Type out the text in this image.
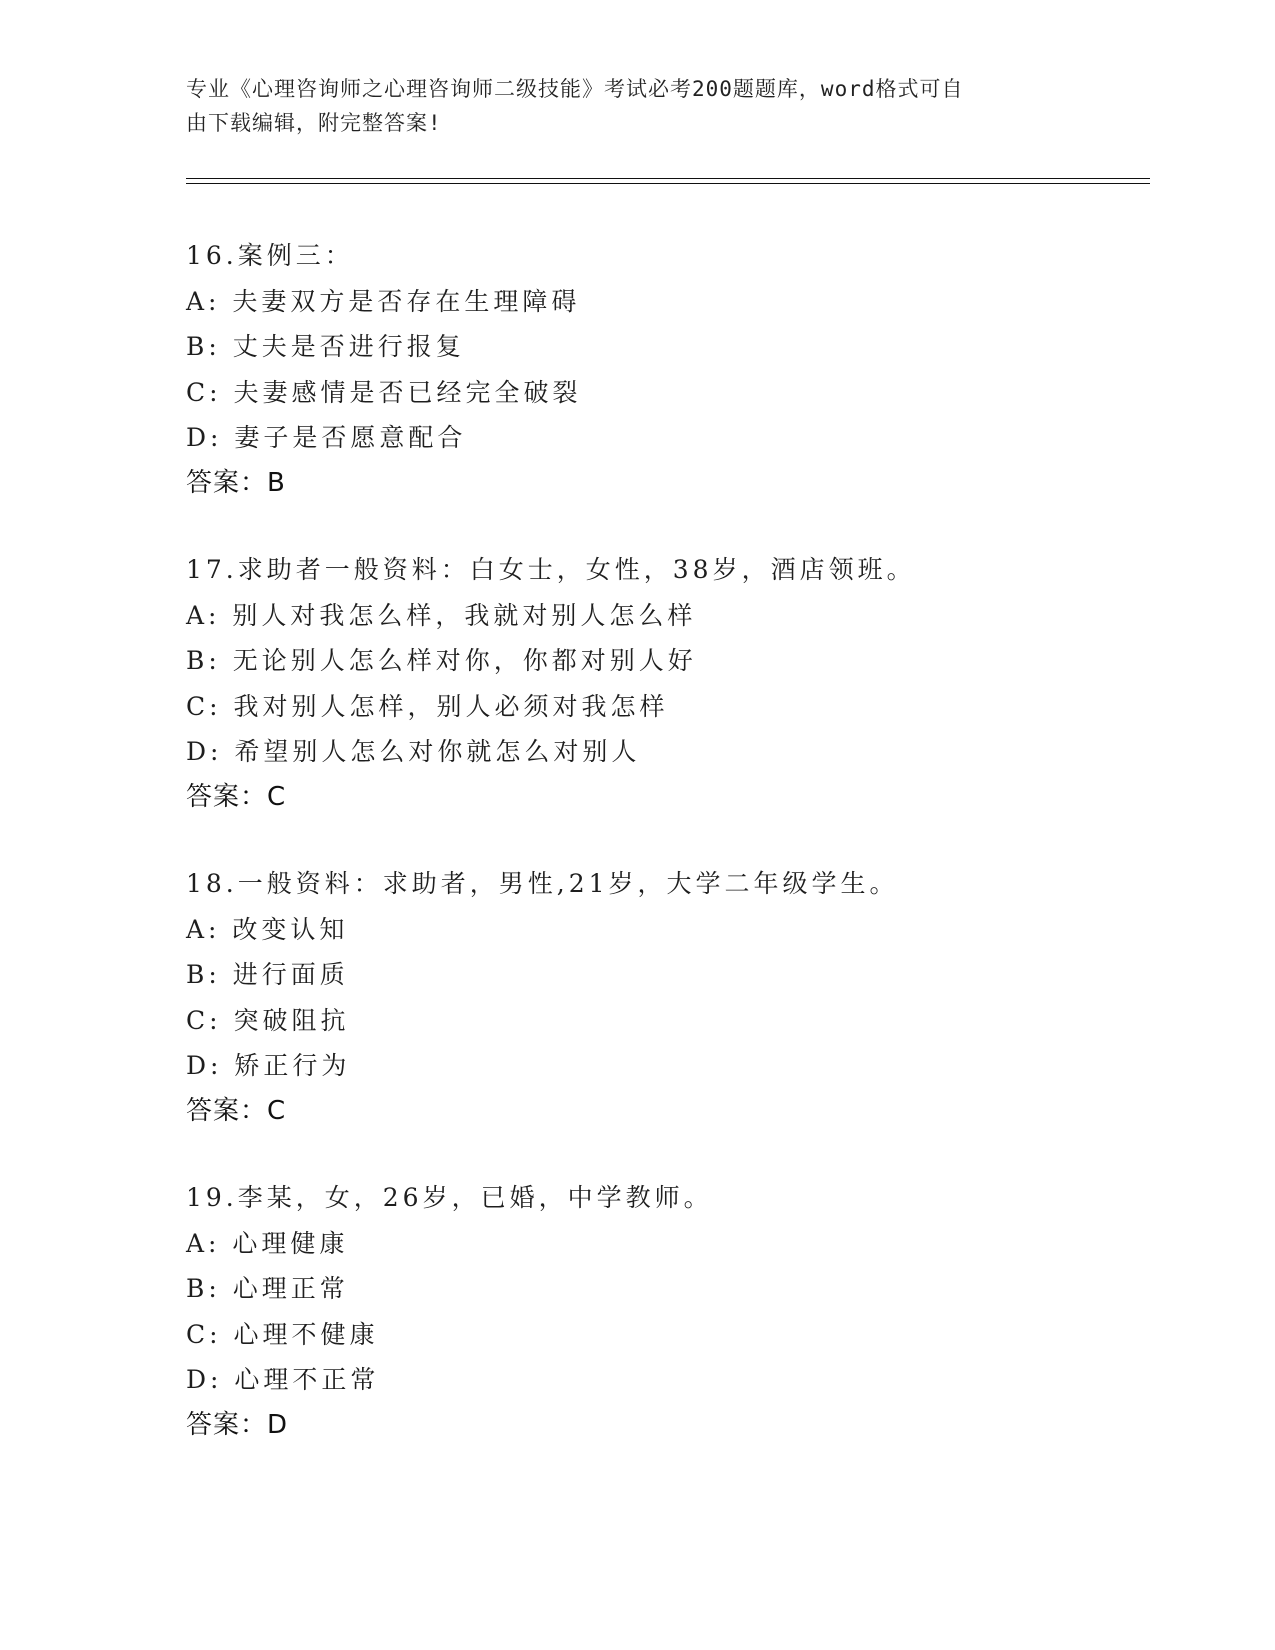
专业《心理咨询师之心理咨询师二级技能》考试必考200题题库，word格式可自
由下载编辑，附完整答案!
16.案例三：
A: 夫妻双方是否存在生理障碍
B: 丈夫是否进行报复
C: 夫妻感情是否已经完全破裂
D: 妻子是否愿意配合
答案：B
17.求助者一般资料：白女士，女性，38岁，酒店领班。
A: 别人对我怎么样，我就对别人怎么样
B: 无论别人怎么样对你，你都对别人好
C: 我对别人怎样，别人必须对我怎样
D: 希望别人怎么对你就怎么对别人
答案：C
18.一般资料：求助者，男性,21岁，大学二年级学生。
A: 改变认知
B: 进行面质
C: 突破阻抗
D: 矫正行为
答案：C
19.李某，女，26岁，已婚，中学教师。
A: 心理健康
B: 心理正常
C: 心理不健康
D: 心理不正常
答案：D
